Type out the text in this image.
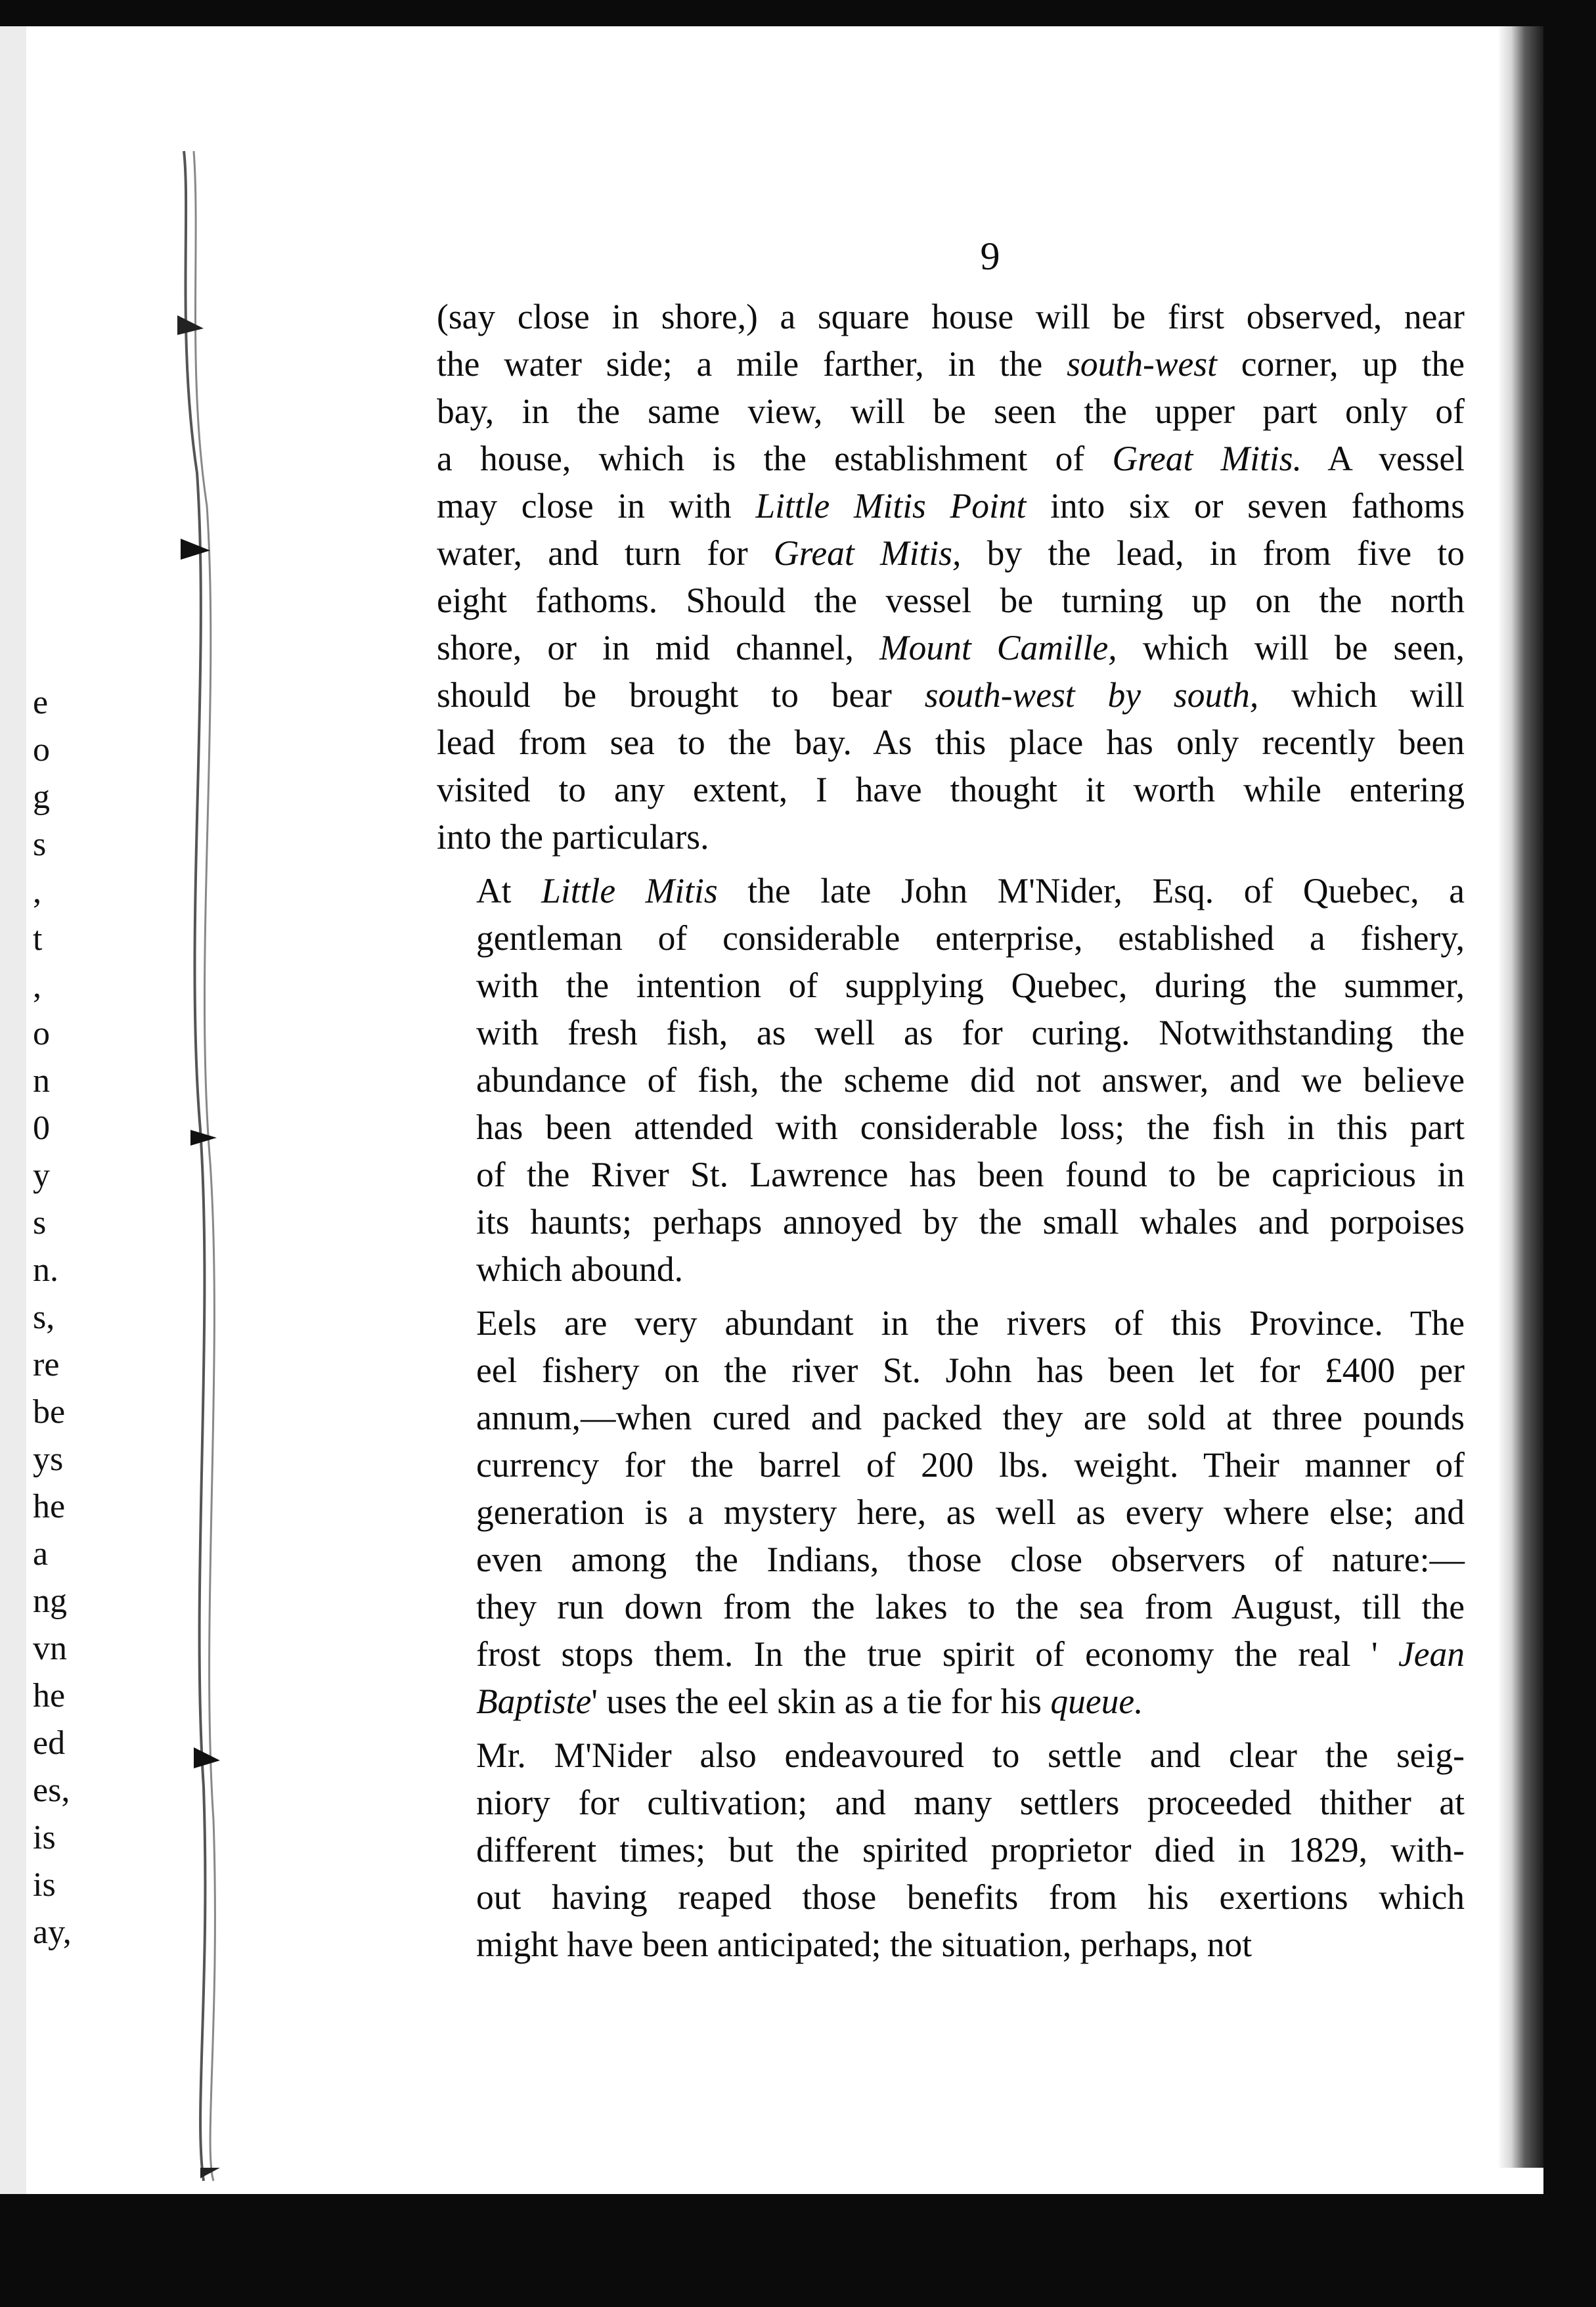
e
o
g
s
,
t
,
o
n
0
y
s
n.
s,
re
be
ys
he
a
ng
vn
he
ed
es,
is
is
ay,
9

(say close in shore,) a square house will be first observed, near
the water side; a mile farther, in the south-west corner, up the
bay, in the same view, will be seen the upper part only of
a house, which is the establishment of Great Mitis. A vessel
may close in with Little Mitis Point into six or seven fathoms
water, and turn for Great Mitis, by the lead, in from five to
eight fathoms. Should the vessel be turning up on the north
shore, or in mid channel, Mount Camille, which will be seen,
should be brought to bear south-west by south, which will
lead from sea to the bay. As this place has only recently been
visited to any extent, I have thought it worth while entering
into the particulars.

At Little Mitis the late John M'Nider, Esq. of Quebec, a
gentleman of considerable enterprise, established a fishery,
with the intention of supplying Quebec, during the summer,
with fresh fish, as well as for curing. Notwithstanding the
abundance of fish, the scheme did not answer, and we believe
has been attended with considerable loss; the fish in this part
of the River St. Lawrence has been found to be capricious in
its haunts; perhaps annoyed by the small whales and porpoises
which abound.

Eels are very abundant in the rivers of this Province. The
eel fishery on the river St. John has been let for £400 per
annum,—when cured and packed they are sold at three pounds
currency for the barrel of 200 lbs. weight. Their manner of
generation is a mystery here, as well as every where else; and
even among the Indians, those close observers of nature:—
they run down from the lakes to the sea from August, till the
frost stops them. In the true spirit of economy the real ' Jean
Baptiste' uses the eel skin as a tie for his queue.

Mr. M'Nider also endeavoured to settle and clear the seig-
niory for cultivation; and many settlers proceeded thither at
different times; but the spirited proprietor died in 1829, with-
out having reaped those benefits from his exertions which
might have been anticipated; the situation, perhaps, not
